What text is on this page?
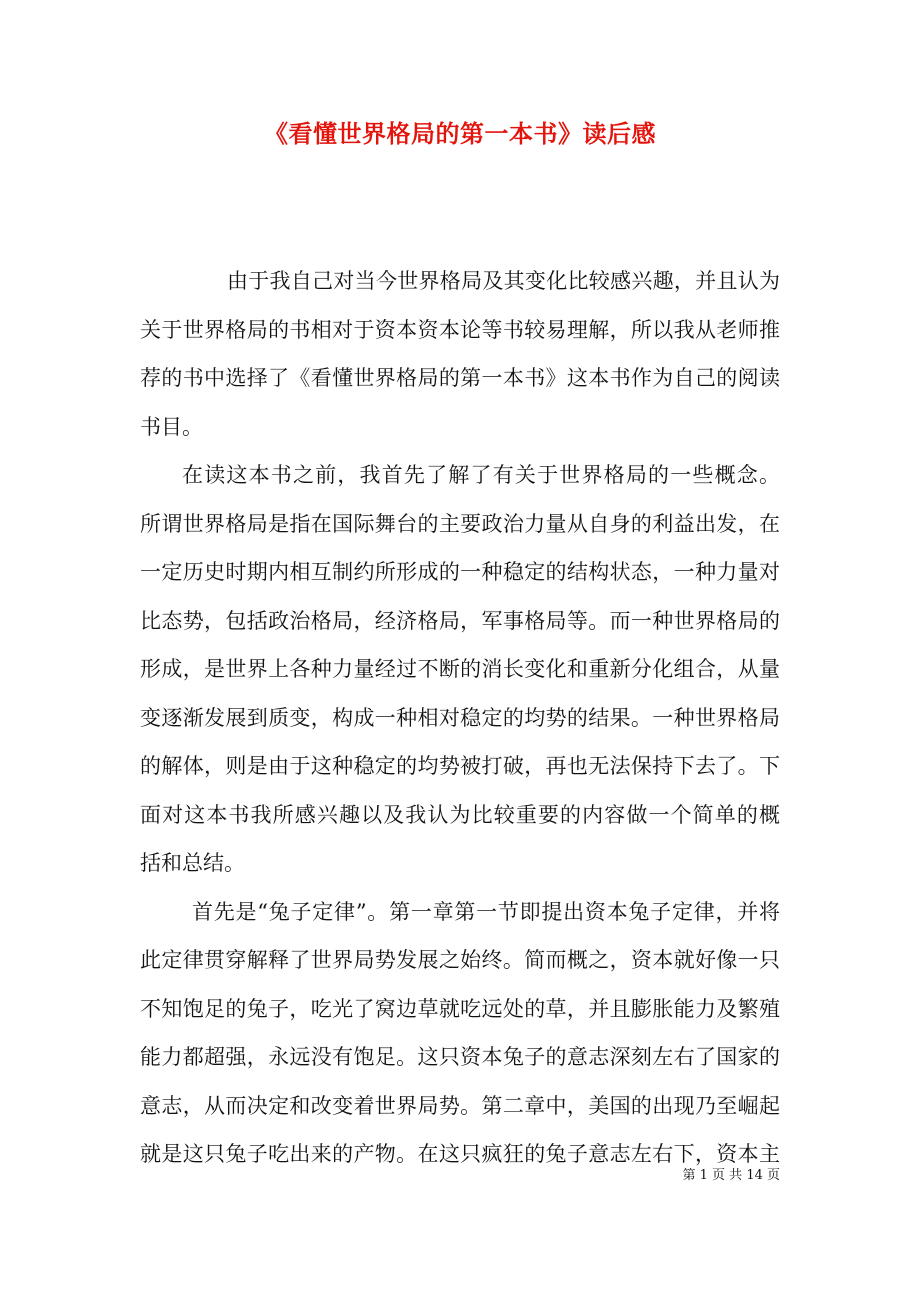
《看懂世界格局的第一本书》读后感
由于我自己对当今世界格局及其变化比较感兴趣，并且认为
关于世界格局的书相对于资本资本论等书较易理解，所以我从老师推
荐的书中选择了《看懂世界格局的第一本书》这本书作为自己的阅读
书目。
在读这本书之前，我首先了解了有关于世界格局的一些概念。
所谓世界格局是指在国际舞台的主要政治力量从自身的利益出发，在
一定历史时期内相互制约所形成的一种稳定的结构状态，一种力量对
比态势，包括政治格局，经济格局，军事格局等。而一种世界格局的
形成，是世界上各种力量经过不断的消长变化和重新分化组合，从量
变逐渐发展到质变，构成一种相对稳定的均势的结果。一种世界格局
的解体，则是由于这种稳定的均势被打破，再也无法保持下去了。下
面对这本书我所感兴趣以及我认为比较重要的内容做一个简单的概
括和总结。
首先是“兔子定律”。第一章第一节即提出资本兔子定律，并将
此定律贯穿解释了世界局势发展之始终。简而概之，资本就好像一只
不知饱足的兔子，吃光了窝边草就吃远处的草，并且膨胀能力及繁殖
能力都超强，永远没有饱足。这只资本兔子的意志深刻左右了国家的
意志，从而决定和改变着世界局势。第二章中，美国的出现乃至崛起
就是这只兔子吃出来的产物。在这只疯狂的兔子意志左右下，资本主
第 1 页 共 14 页
